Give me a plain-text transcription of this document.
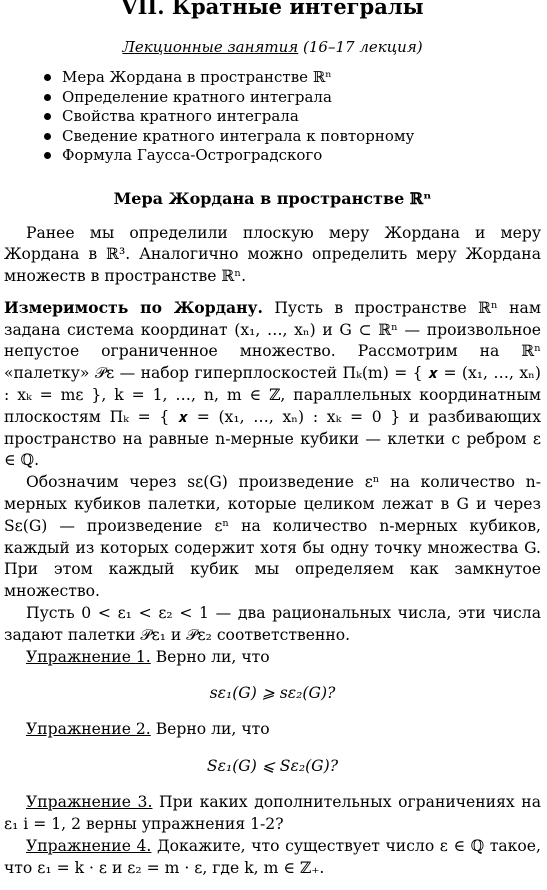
VII. Кратные интегралы
Лекционные занятия (16–17 лекция)
Мера Жордана в пространстве ℝⁿ
Определение кратного интеграла
Свойства кратного интеграла
Сведение кратного интеграла к повторному
Формула Гаусса-Остроградского
Мера Жордана в пространстве ℝⁿ

Ранее мы определили плоскую меру Жордана и меру Жордана в ℝ³. Аналогично можно определить меру Жордана множеств в пространстве ℝⁿ.

Измеримость по Жордану. Пусть в пространстве ℝⁿ нам задана система координат (x₁, …, xₙ) и G ⊂ ℝⁿ — произвольное непустое ограниченное множество. Рассмотрим на ℝⁿ «палетку» 𝒫ε — набор гиперплоскостей Πₖ(m) = { 𝒙 = (x₁, …, xₙ) : xₖ = mε }, k = 1, …, n, m ∈ ℤ, параллельных координатным плоскостям Πₖ = { 𝒙 = (x₁, …, xₙ) : xₖ = 0 } и разбивающих пространство на равные n-мерные кубики — клетки с ребром ε ∈ ℚ.

Обозначим через sε(G) произведение εⁿ на количество n-мерных кубиков палетки, которые целиком лежат в G и через Sε(G) — произведение εⁿ на количество n-мерных кубиков, каждый из которых содержит хотя бы одну точку множества G. При этом каждый кубик мы определяем как замкнутое множество.

Пусть 0 < ε₁ < ε₂ < 1 — два рациональных числа, эти числа задают палетки 𝒫ε₁ и 𝒫ε₂ соответственно.

Упражнение 1. Верно ли, что

sε₁(G) ⩾ sε₂(G)?

Упражнение 2. Верно ли, что

Sε₁(G) ⩽ Sε₂(G)?

Упражнение 3. При каких дополнительных ограничениях на ε₁ i = 1, 2 верны упражнения 1-2?

Упражнение 4. Докажите, что существует число ε ∈ ℚ такое, что ε₁ = k · ε и ε₂ = m · ε, где k, m ∈ ℤ₊.
